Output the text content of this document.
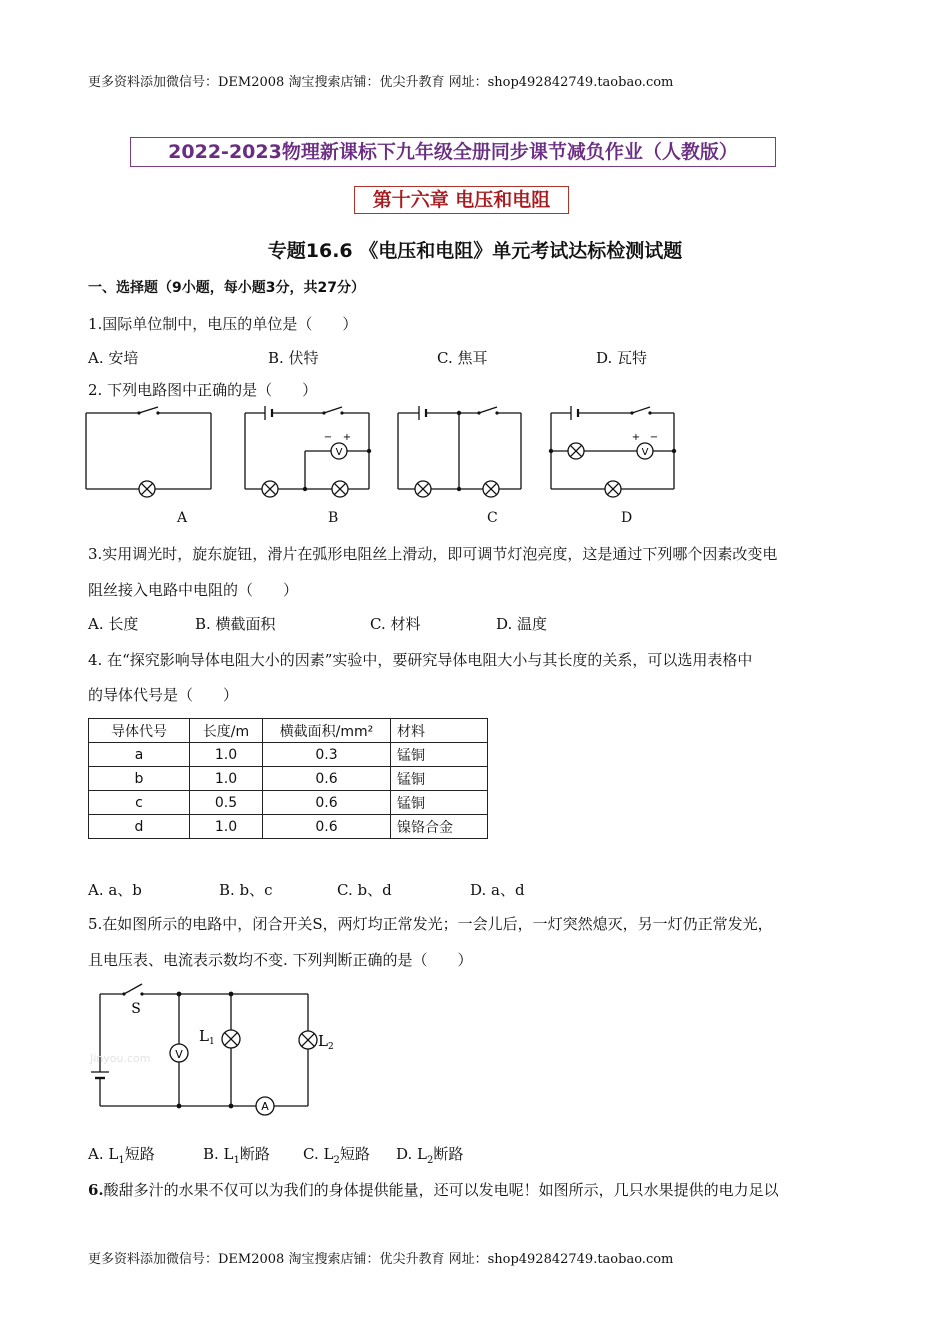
更多资料添加微信号：DEM2008 淘宝搜索店铺：优尖升教育 网址：shop492842749.taobao.com
2022-2023物理新课标下九年级全册同步课节减负作业（人教版）
第十六章 电压和电阻
专题16.6 《电压和电阻》单元考试达标检测试题
一、选择题（9小题，每小题3分，共27分）
1.国际单位制中，电压的单位是（　　）
A. 安培	B. 伏特	C. 焦耳	D. 瓦特
2. 下列电路图中正确的是（　　）
V
− +
V
+ −
A	B	C	D
3.实用调光时，旋东旋钮，滑片在弧形电阻丝上滑动，即可调节灯泡亮度，这是通过下列哪个因素改变电
阻丝接入电路中电阻的（　　）
A. 长度	B. 横截面积	C. 材料	D. 温度
4. 在“探究影响导体电阻大小的因素”实验中，要研究导体电阻大小与其长度的关系，可以选用表格中
的导体代号是（　　）
导体代号	长度/m	横截面积/mm²	材料
a	1.0	0.3	锰铜
b	1.0	0.6	锰铜
c	0.5	0.6	锰铜
d	1.0	0.6	镍铬合金
A. a、b	B. b、c	C. b、d	D. a、d
5.在如图所示的电路中，闭合开关S，两灯均正常发光；一会儿后，一灯突然熄灭，另一灯仍正常发光，
且电压表、电流表示数均不变. 下列判断正确的是（　　）
S
V
A
L 1	L 2
Jinyou.com
A. $L_1$短路	B. $L_1$断路 C. $L_2$短路 D. $L_2$断路
6.酸甜多汁的水果不仅可以为我们的身体提供能量，还可以发电呢！如图所示，几只水果提供的电力足以
更多资料添加微信号：DEM2008 淘宝搜索店铺：优尖升教育 网址：shop492842749.taobao.com
